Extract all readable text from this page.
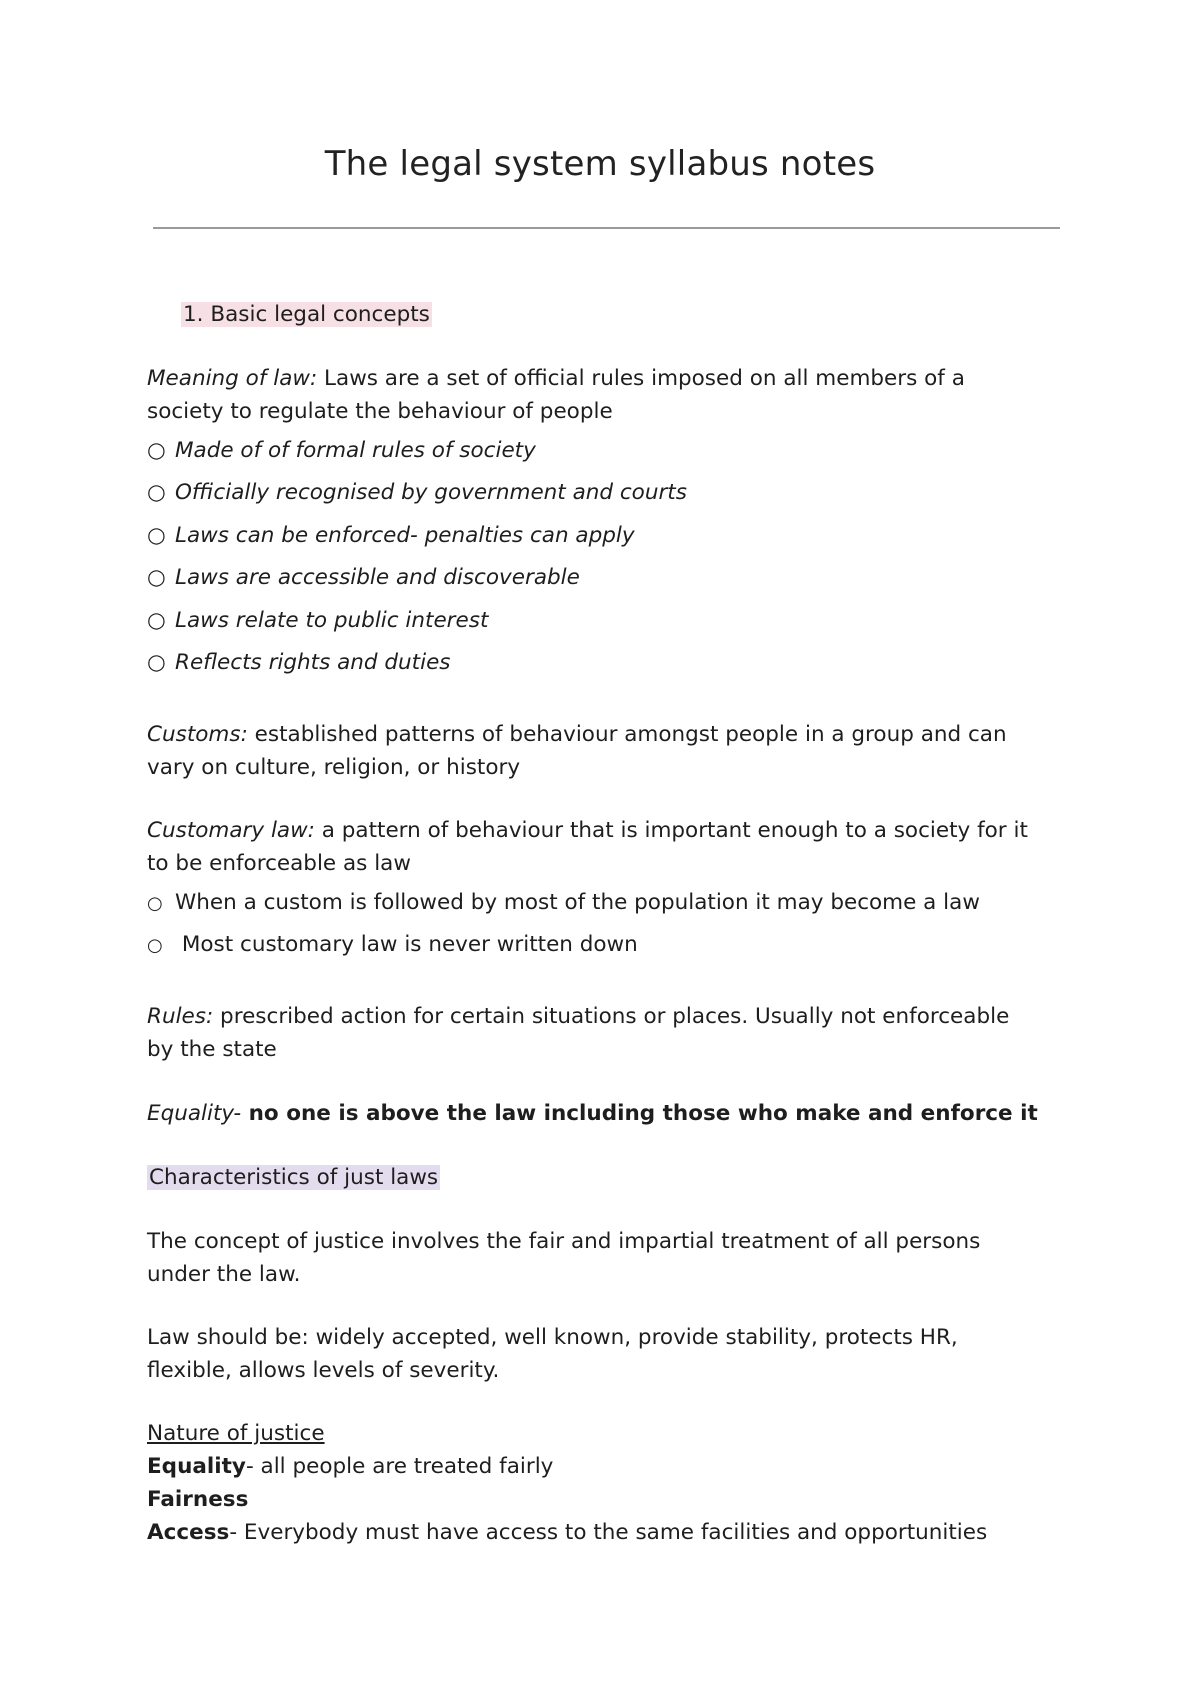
The legal system syllabus notes
1. Basic legal concepts
Meaning of law: Laws are a set of official rules imposed on all members of a
society to regulate the behaviour of people
○ Made of of formal rules of society
○ Officially recognised by government and courts
○ Laws can be enforced- penalties can apply
○ Laws are accessible and discoverable
○ Laws relate to public interest
○ Reflects rights and duties
Customs: established patterns of behaviour amongst people in a group and can
vary on culture, religion, or history
Customary law: a pattern of behaviour that is important enough to a society for it
to be enforceable as law
○ When a custom is followed by most of the population it may become a law
○ Most customary law is never written down
Rules: prescribed action for certain situations or places. Usually not enforceable
by the state
Equality- no one is above the law including those who make and enforce it
Characteristics of just laws
The concept of justice involves the fair and impartial treatment of all persons
under the law.
Law should be: widely accepted, well known, provide stability, protects HR,
flexible, allows levels of severity.
Nature of justice
Equality- all people are treated fairly
Fairness
Access- Everybody must have access to the same facilities and opportunities
